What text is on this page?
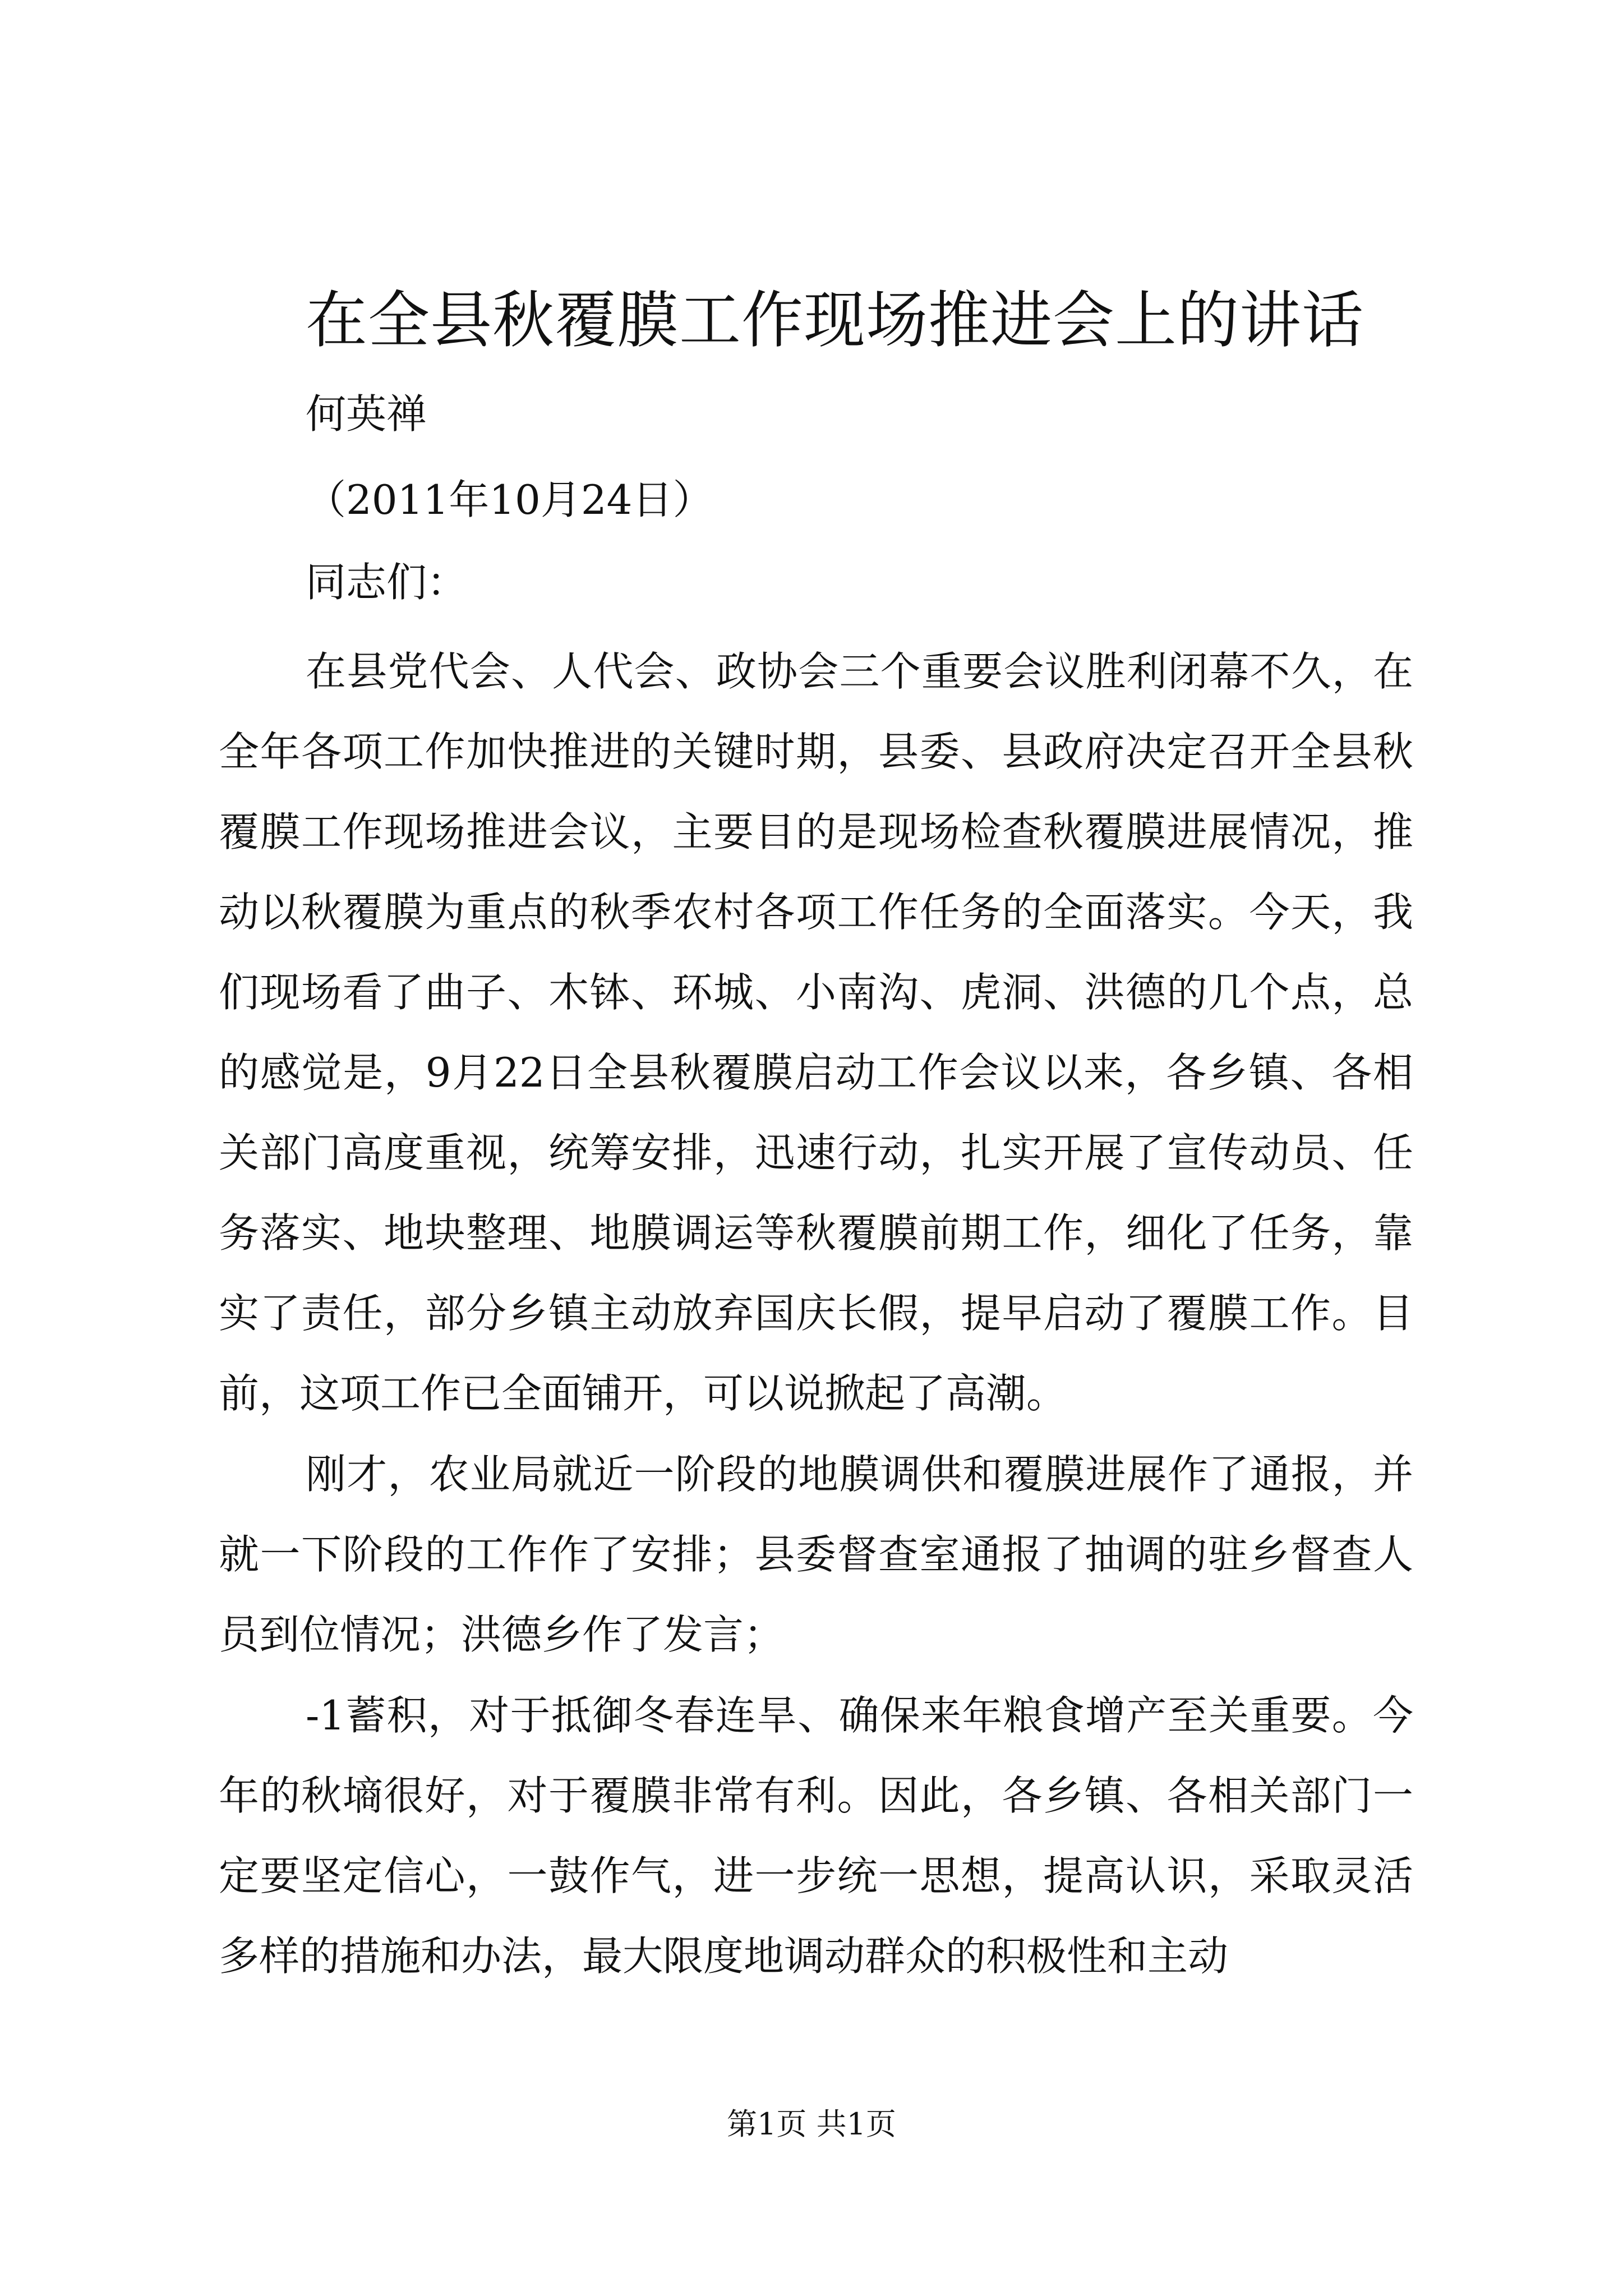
在全县秋覆膜工作现场推进会上的讲话

何英禅

（2011年10月24日）

同志们：

在县党代会、人代会、政协会三个重要会议胜利闭幕不久，在全年各项工作加快推进的关键时期，县委、县政府决定召开全县秋覆膜工作现场推进会议，主要目的是现场检查秋覆膜进展情况，推动以秋覆膜为重点的秋季农村各项工作任务的全面落实。今天，我们现场看了曲子、木钵、环城、小南沟、虎洞、洪德的几个点，总的感觉是，9月22日全县秋覆膜启动工作会议以来，各乡镇、各相关部门高度重视，统筹安排，迅速行动，扎实开展了宣传动员、任务落实、地块整理、地膜调运等秋覆膜前期工作，细化了任务，靠实了责任，部分乡镇主动放弃国庆长假，提早启动了覆膜工作。目前，这项工作已全面铺开，可以说掀起了高潮。

刚才，农业局就近一阶段的地膜调供和覆膜进展作了通报，并就一下阶段的工作作了安排；县委督查室通报了抽调的驻乡督查人员到位情况；洪德乡作了发言；

-1蓄积，对于抵御冬春连旱、确保来年粮食增产至关重要。今年的秋墒很好，对于覆膜非常有利。因此，各乡镇、各相关部门一定要坚定信心，一鼓作气，进一步统一思想，提高认识，采取灵活多样的措施和办法，最大限度地调动群众的积极性和主动

第1页 共1页
